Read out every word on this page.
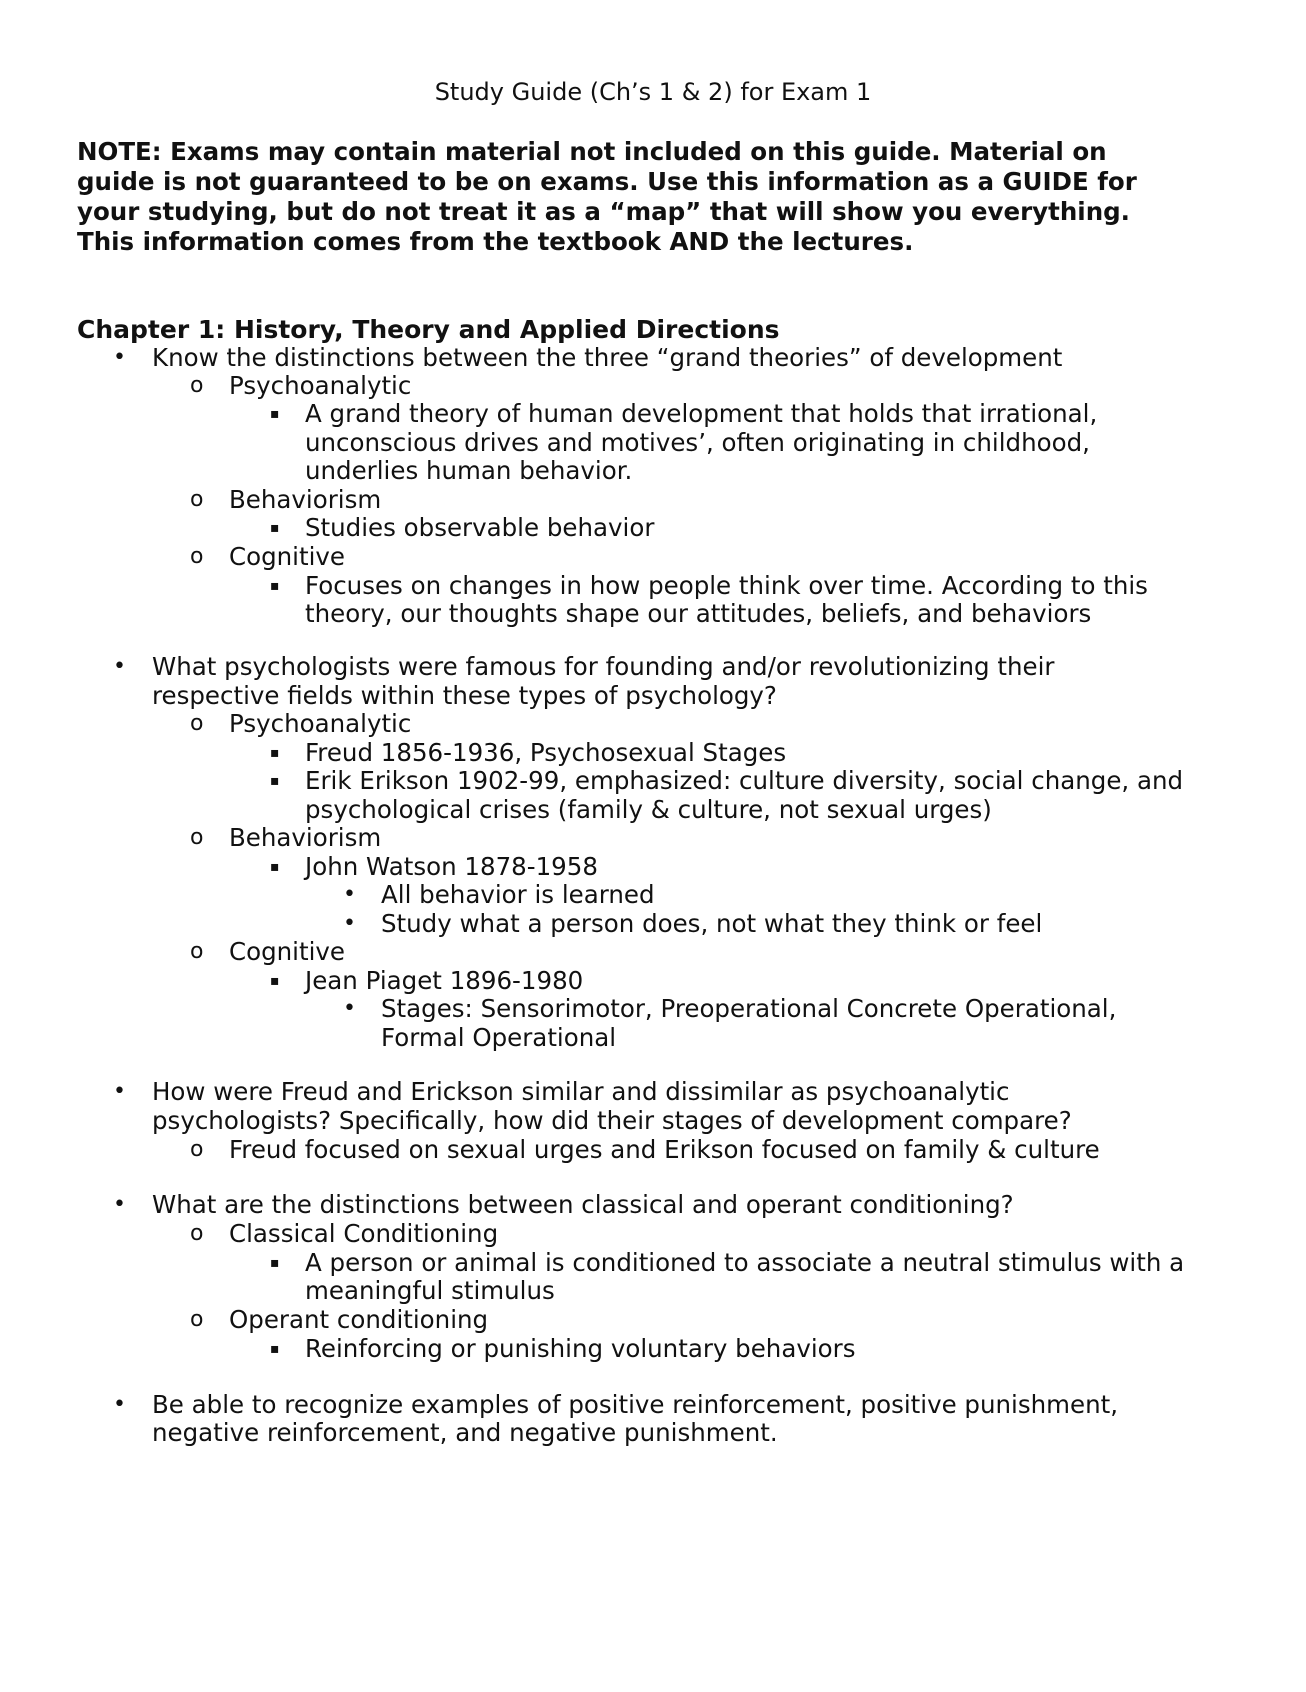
Study Guide (Ch’s 1 & 2) for Exam 1
NOTE: Exams may contain material not included on this guide. Material on
guide is not guaranteed to be on exams. Use this information as a GUIDE for
your studying, but do not treat it as a “map” that will show you everything.
This information comes from the textbook AND the lectures.
Chapter 1: History, Theory and Applied Directions
• Know the distinctions between the three “grand theories” of development
o Psychoanalytic
▪ A grand theory of human development that holds that irrational,
unconscious drives and motives’, often originating in childhood,
underlies human behavior.
o Behaviorism
▪ Studies observable behavior
o Cognitive
▪ Focuses on changes in how people think over time. According to this
theory, our thoughts shape our attitudes, beliefs, and behaviors
• What psychologists were famous for founding and/or revolutionizing their
respective fields within these types of psychology?
o Psychoanalytic
▪ Freud 1856-1936, Psychosexual Stages
▪ Erik Erikson 1902-99, emphasized: culture diversity, social change, and
psychological crises (family & culture, not sexual urges)
o Behaviorism
▪ John Watson 1878-1958
• All behavior is learned
• Study what a person does, not what they think or feel
o Cognitive
▪ Jean Piaget 1896-1980
• Stages: Sensorimotor, Preoperational Concrete Operational,
Formal Operational
• How were Freud and Erickson similar and dissimilar as psychoanalytic
psychologists? Specifically, how did their stages of development compare?
o Freud focused on sexual urges and Erikson focused on family & culture
• What are the distinctions between classical and operant conditioning?
o Classical Conditioning
▪ A person or animal is conditioned to associate a neutral stimulus with a
meaningful stimulus
o Operant conditioning
▪ Reinforcing or punishing voluntary behaviors
• Be able to recognize examples of positive reinforcement, positive punishment,
negative reinforcement, and negative punishment.
